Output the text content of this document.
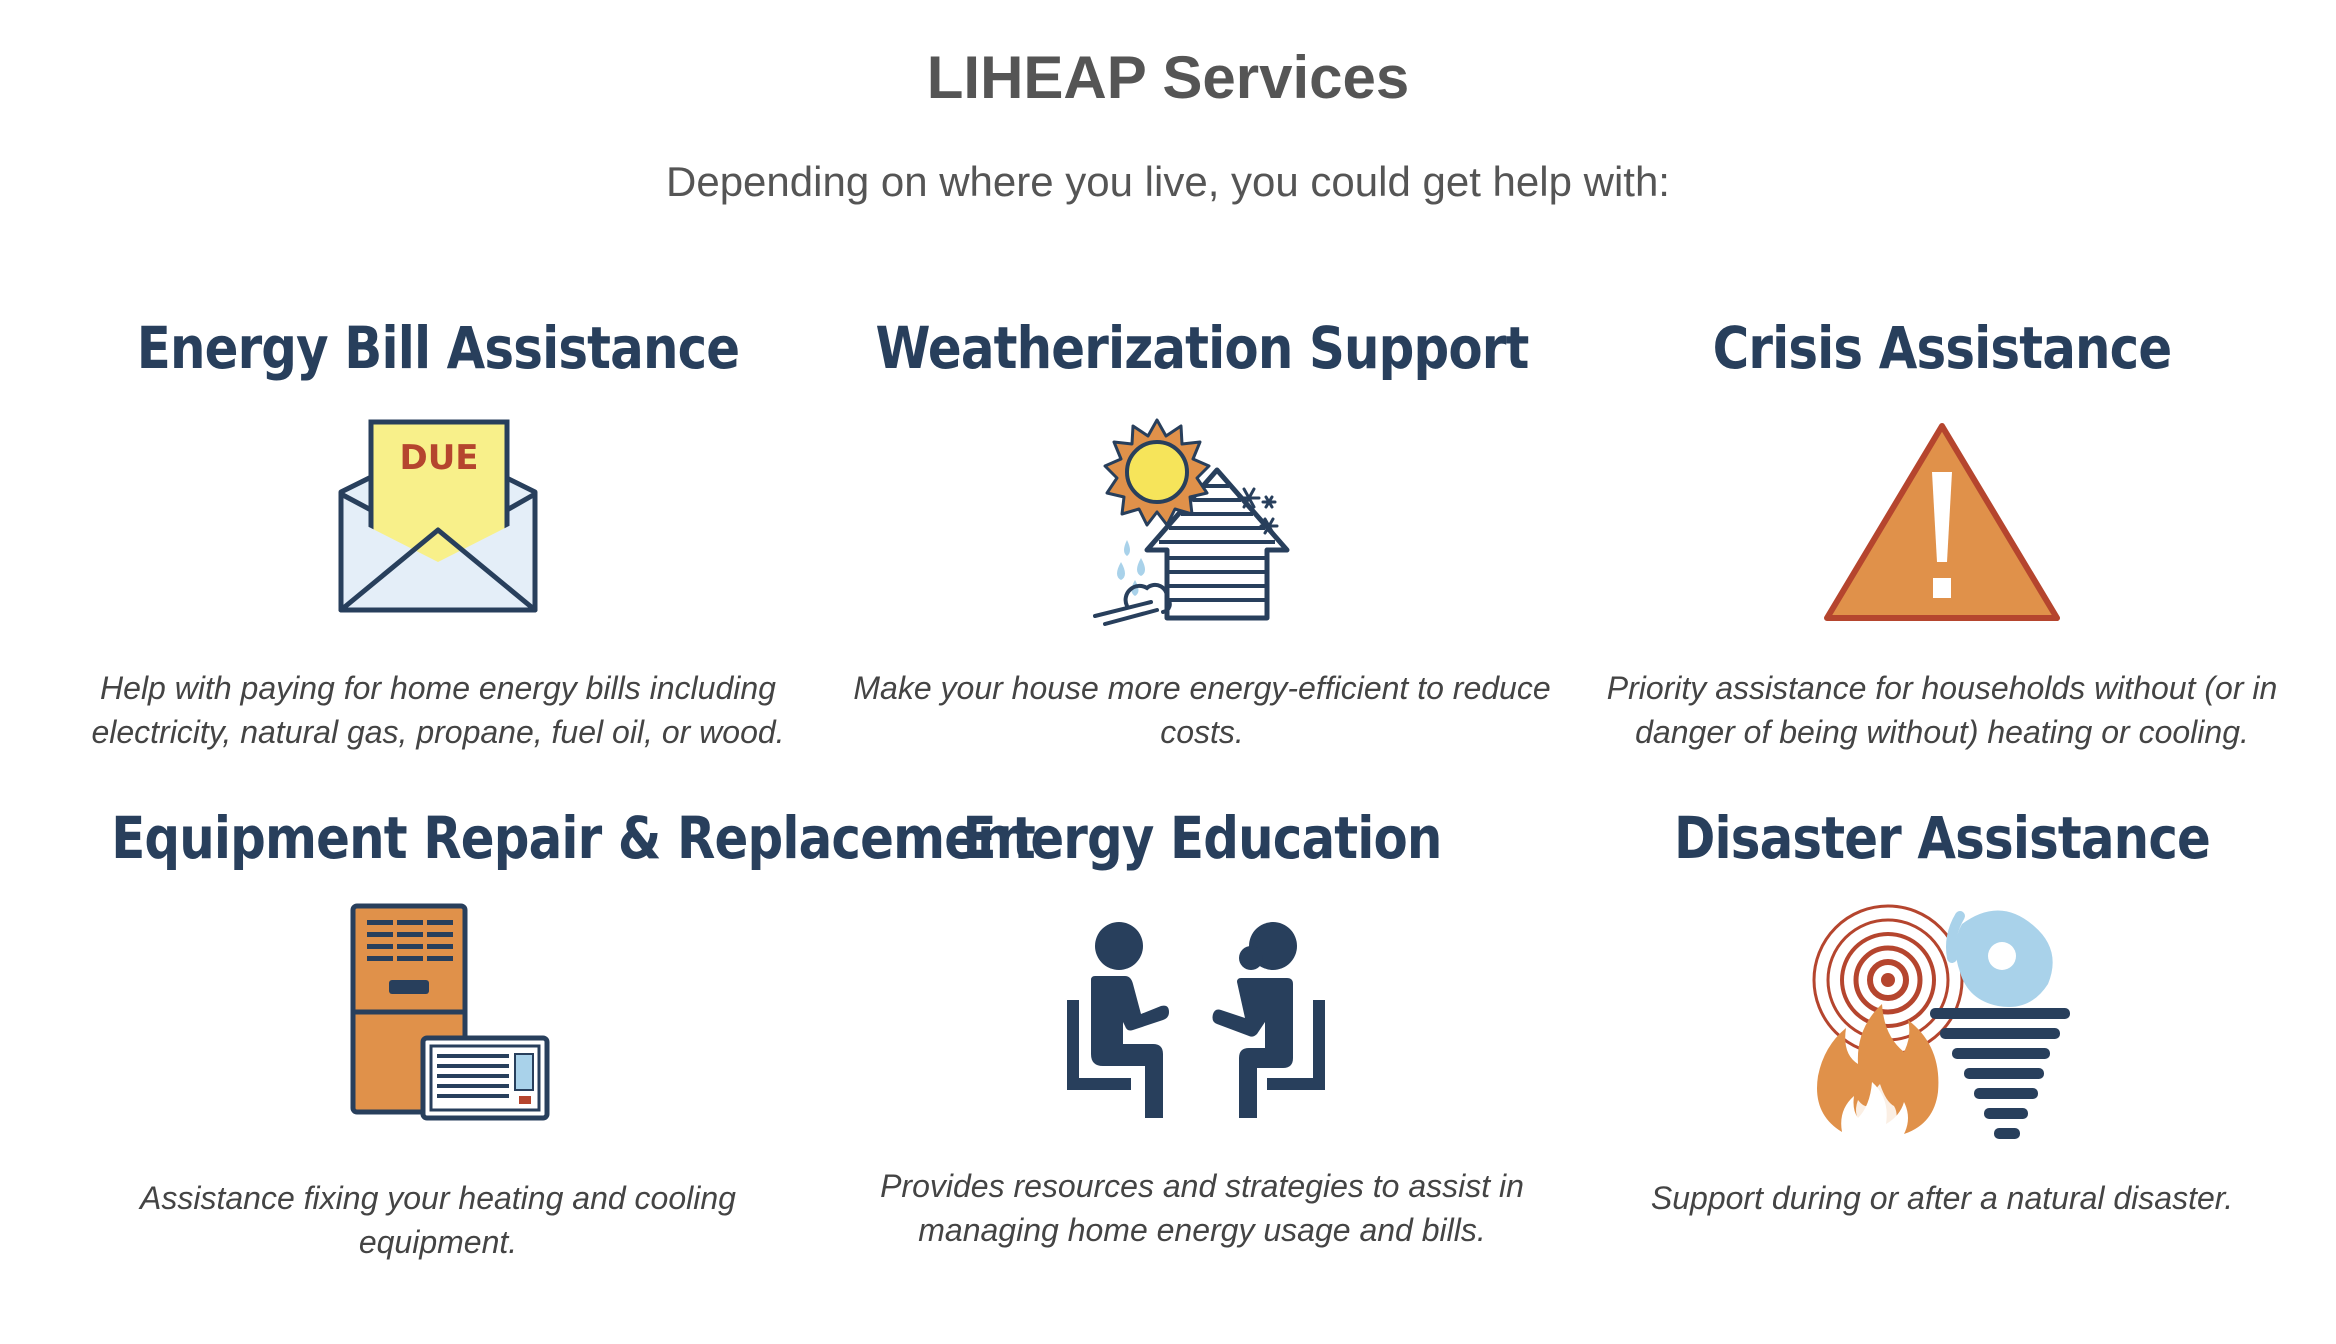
LIHEAP Services

Depending on where you live, you could get help with:

Energy Bill Assistance
DUE

Help with paying for home energy bills including electricity, natural gas, propane, fuel oil, or wood.

Weatherization Support

Make your house more energy-efficient to reduce costs.

Crisis Assistance

Priority assistance for households without (or in danger of being without) heating or cooling.

Equipment Repair & Replacement

Assistance fixing your heating and cooling equipment.

Energy Education

Provides resources and strategies to assist in managing home energy usage and bills.

Disaster Assistance

Support during or after a natural disaster.
